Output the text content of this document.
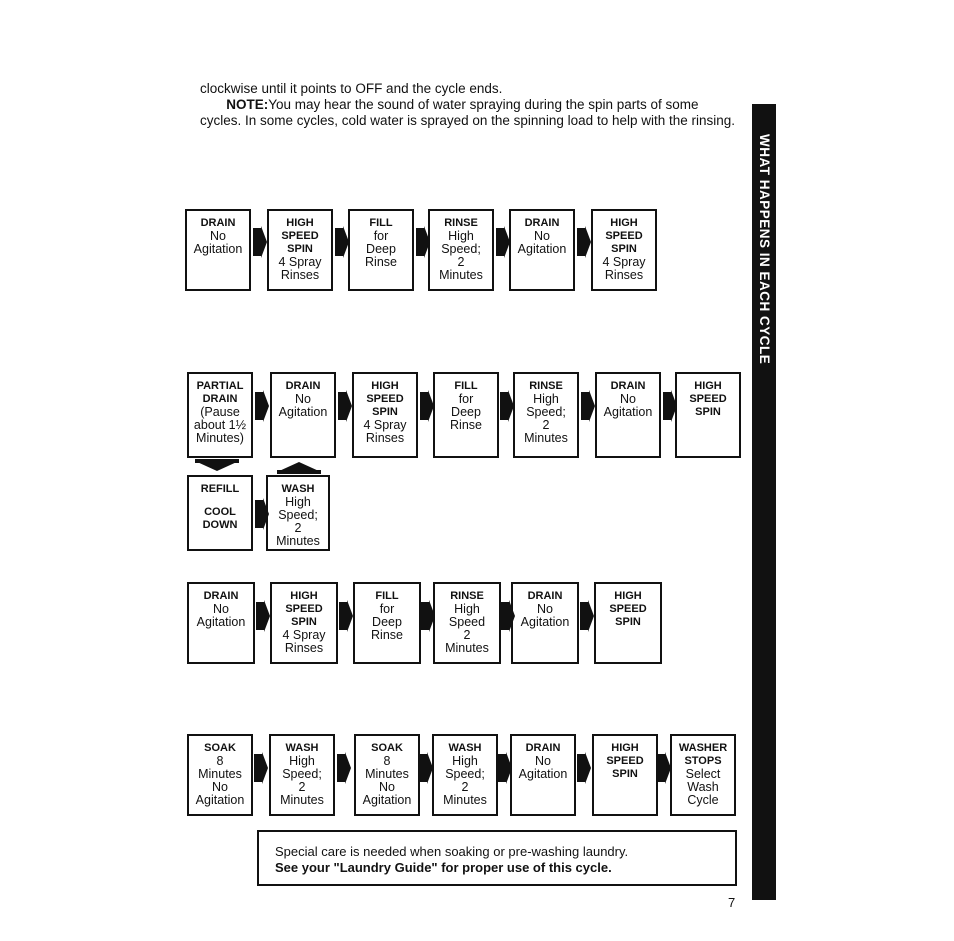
clockwise until it points to OFF and the cycle ends.

NOTE:You may hear the sound of water spraying during the spin parts of some cycles. In some cycles, cold water is sprayed on the spinning load to help with the rinsing.

WHAT HAPPENS IN EACH CYCLE
DRAIN
No
Agitation
HIGH
SPEED
SPIN
4 Spray
Rinses
FILL
for
Deep
Rinse
RINSE
High
Speed;
2
Minutes
DRAIN
No
Agitation
HIGH
SPEED
SPIN
4 Spray
Rinses
PARTIAL
DRAIN
(Pause
about 1½
Minutes)
DRAIN
No
Agitation
HIGH
SPEED
SPIN
4 Spray
Rinses
FILL
for
Deep
Rinse
RINSE
High
Speed;
2
Minutes
DRAIN
No
Agitation
HIGH
SPEED
SPIN
REFILL
COOL
DOWN
WASH
High
Speed;
2
Minutes
DRAIN
No
Agitation
HIGH
SPEED
SPIN
4 Spray
Rinses
FILL
for
Deep
Rinse
RINSE
High
Speed
2
Minutes
DRAIN
No
Agitation
HIGH
SPEED
SPIN
SOAK
8
Minutes
No
Agitation
WASH
High
Speed;
2
Minutes
SOAK
8
Minutes
No
Agitation
WASH
High
Speed;
2
Minutes
DRAIN
No
Agitation
HIGH
SPEED
SPIN
WASHER
STOPS
Select
Wash
Cycle
Special care is needed when soaking or pre-washing laundry.
See your "Laundry Guide" for proper use of this cycle.
7
